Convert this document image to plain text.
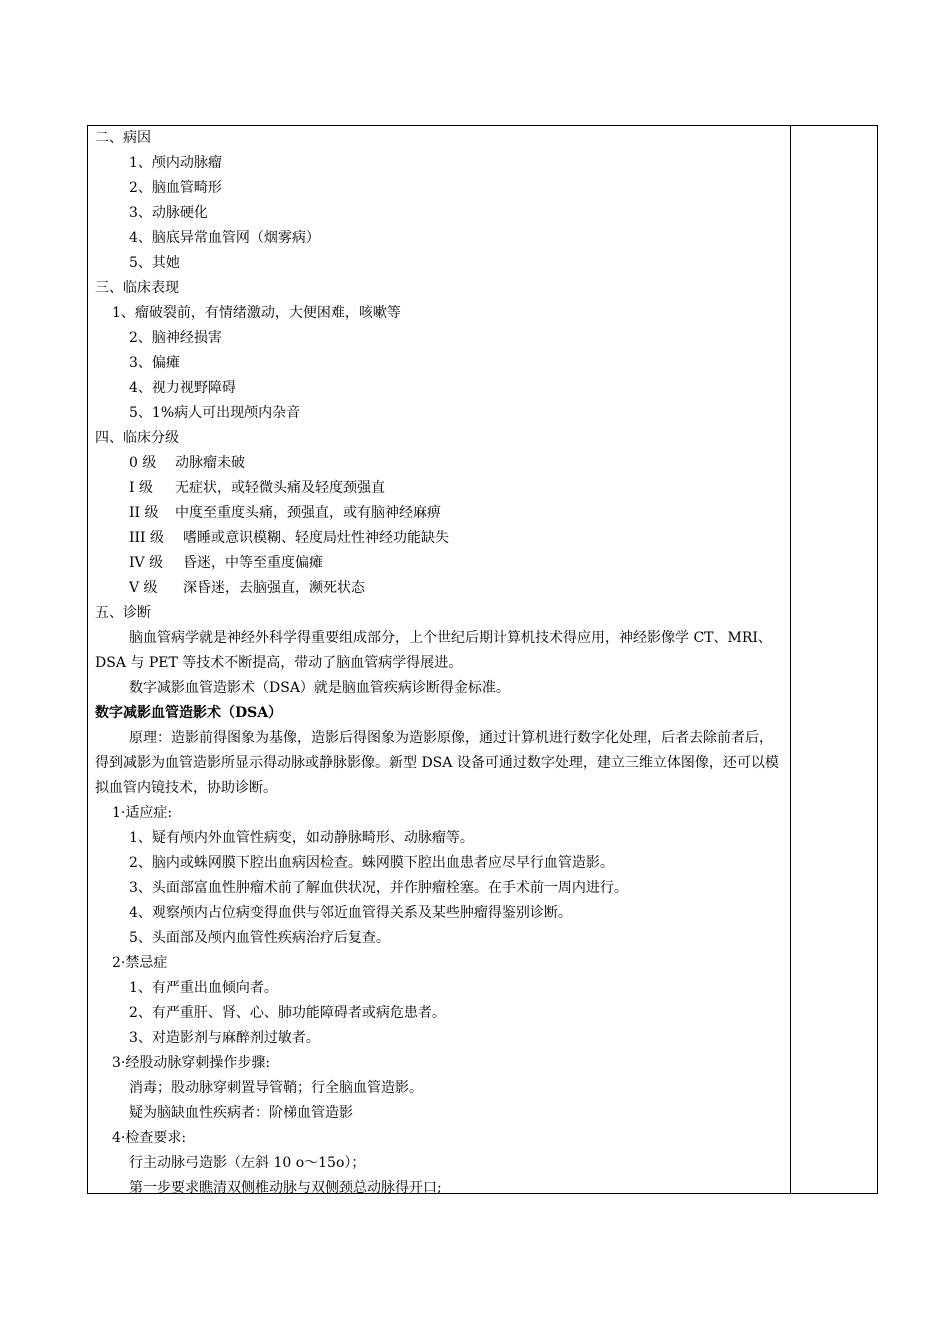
二、病因
1、颅内动脉瘤
2、脑血管畸形
3、动脉硬化
4、脑底异常血管网（烟雾病）
5、其她
三、临床表现
1、瘤破裂前，有情绪激动，大便困难，咳嗽等
2、脑神经损害
3、偏瘫
4、视力视野障碍
5、1%病人可出现颅内杂音
四、临床分级
0 级 动脉瘤未破
I 级 无症状，或轻微头痛及轻度颈强直
II 级 中度至重度头痛，颈强直，或有脑神经麻痹
III 级 嗜睡或意识模糊、轻度局灶性神经功能缺失
IV 级 昏迷，中等至重度偏瘫
V 级 深昏迷，去脑强直，濒死状态
五、诊断
脑血管病学就是神经外科学得重要组成部分，上个世纪后期计算机技术得应用，神经影像学 CT、MRI、DSA 与 PET 等技术不断提高，带动了脑血管病学得展进。
数字减影血管造影术（DSA）就是脑血管疾病诊断得金标准。
数字减影血管造影术（DSA）
原理：造影前得图象为基像，造影后得图象为造影原像，通过计算机进行数字化处理，后者去除前者后，得到减影为血管造影所显示得动脉或静脉影像。新型 DSA 设备可通过数字处理，建立三维立体图像，还可以模拟血管内镜技术，协助诊断。
1·适应症:
1、疑有颅内外血管性病变，如动静脉畸形、动脉瘤等。
2、脑内或蛛网膜下腔出血病因检查。蛛网膜下腔出血患者应尽早行血管造影。
3、头面部富血性肿瘤术前了解血供状况，并作肿瘤栓塞。在手术前一周内进行。
4、观察颅内占位病变得血供与邻近血管得关系及某些肿瘤得鉴别诊断。
5、头面部及颅内血管性疾病治疗后复查。
2·禁忌症
1、有严重出血倾向者。
2、有严重肝、肾、心、肺功能障碍者或病危患者。
3、对造影剂与麻醉剂过敏者。
3·经股动脉穿刺操作步骤:
消毒；股动脉穿刺置导管鞘；行全脑血管造影。
疑为脑缺血性疾病者：阶梯血管造影
4·检查要求:
行主动脉弓造影（左斜 10 o～15o）；
第一步要求瞧清双侧椎动脉与双侧颈总动脉得开口;
